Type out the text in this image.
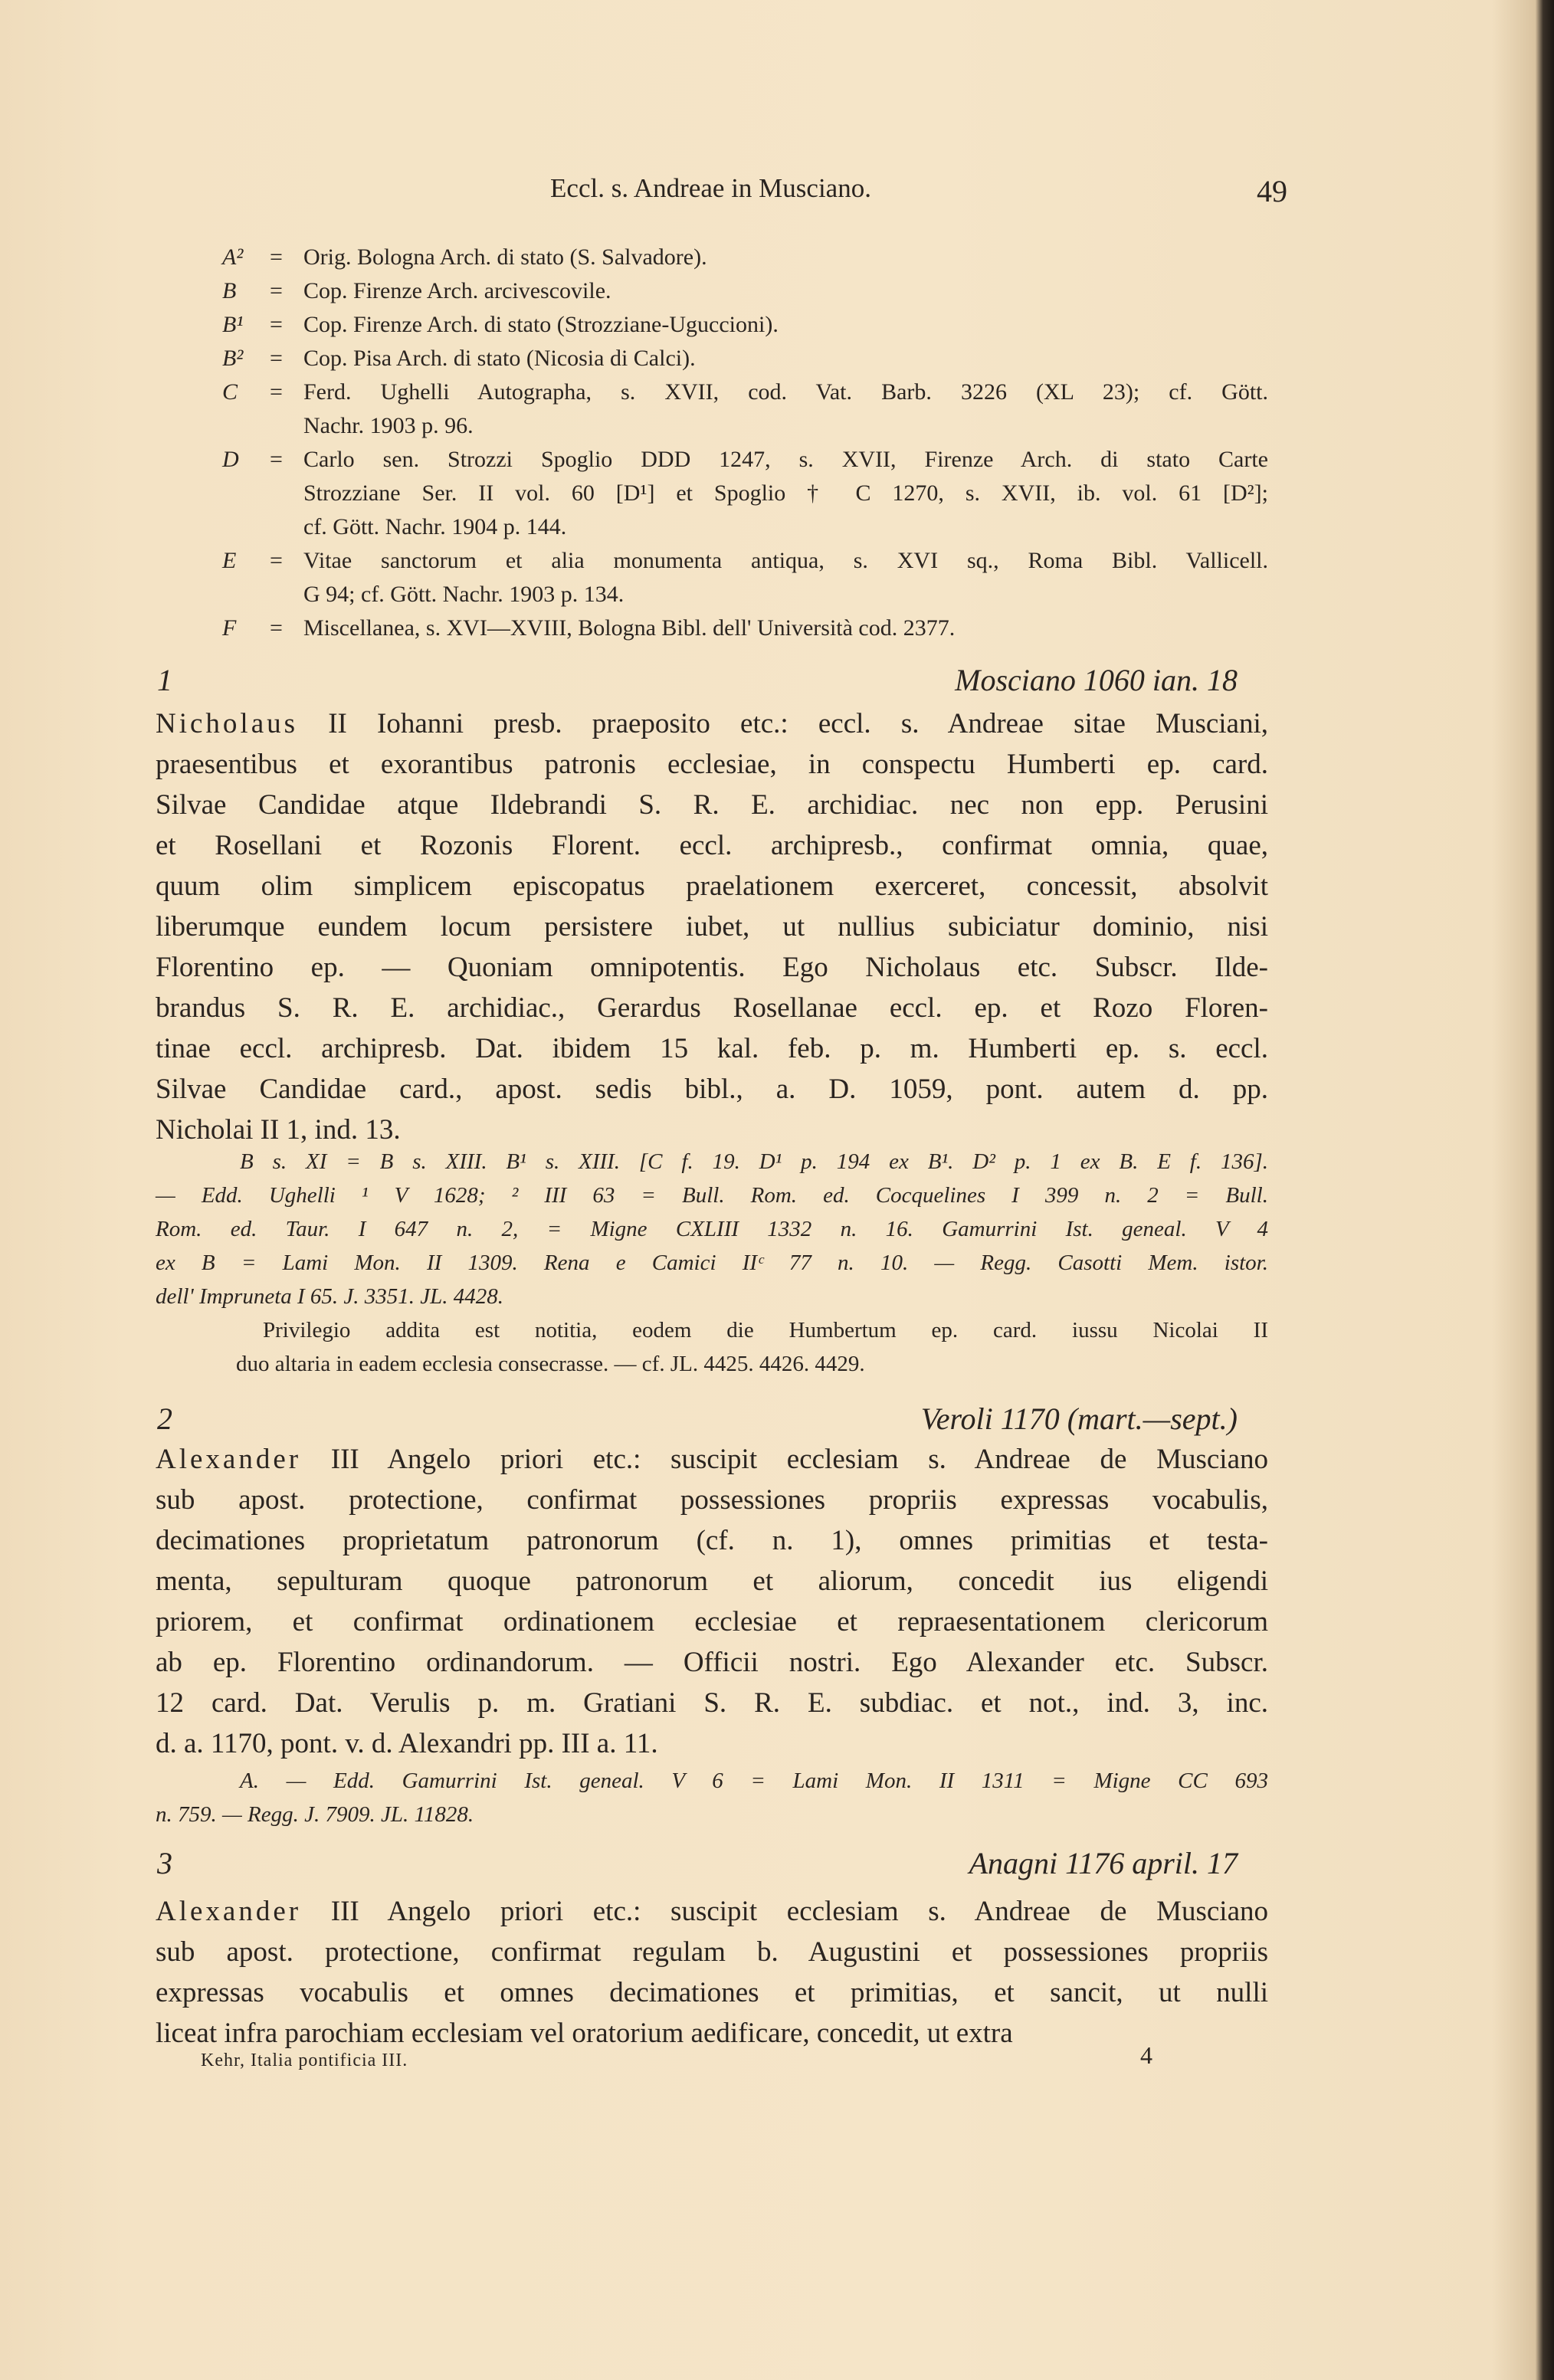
Eccl. s. Andreae in Musciano.	49
A²	= Orig. Bologna Arch. di stato (S. Salvadore).
B	= Cop. Firenze Arch. arcivescovile.
B¹	= Cop. Firenze Arch. di stato (Strozziane-Uguccioni).
B²	= Cop. Pisa Arch. di stato (Nicosia di Calci).
C	= Ferd. Ughelli Autographa, s. XVII, cod. Vat. Barb. 3226 (XL 23); cf. Gött.
Nachr. 1903 p. 96.
D	= Carlo sen. Strozzi Spoglio DDD 1247, s. XVII, Firenze Arch. di stato Carte
Strozziane Ser. II vol. 60 [D¹] et Spoglio † C 1270, s. XVII, ib. vol. 61 [D²];
cf. Gött. Nachr. 1904 p. 144.
E	= Vitae sanctorum et alia monumenta antiqua, s. XVI sq., Roma Bibl. Vallicell.
G 94; cf. Gött. Nachr. 1903 p. 134.
F	= Miscellanea, s. XVI—XVIII, Bologna Bibl. dell' Università cod. 2377.
1	Mosciano 1060 ian. 18
Nicholaus II Iohanni presb. praeposito etc.: eccl. s. Andreae sitae Musciani,
praesentibus et exorantibus patronis ecclesiae, in conspectu Humberti ep. card.
Silvae Candidae atque Ildebrandi S. R. E. archidiac. nec non epp. Perusini
et Rosellani et Rozonis Florent. eccl. archipresb., confirmat omnia, quae,
quum olim simplicem episcopatus praelationem exerceret, concessit, absolvit
liberumque eundem locum persistere iubet, ut nullius subiciatur dominio, nisi
Florentino ep. — Quoniam omnipotentis. Ego Nicholaus etc. Subscr. Ilde-
brandus S. R. E. archidiac., Gerardus Rosellanae eccl. ep. et Rozo Floren-
tinae eccl. archipresb. Dat. ibidem 15 kal. feb. p. m. Humberti ep. s. eccl.
Silvae Candidae card., apost. sedis bibl., a. D. 1059, pont. autem d. pp.
Nicholai II 1, ind. 13.
B s. XI = B s. XIII. B¹ s. XIII. [C f. 19. D¹ p. 194 ex B¹. D² p. 1 ex B. E f. 136].
— Edd. Ughelli ¹ V 1628; ² III 63 = Bull. Rom. ed. Cocquelines I 399 n. 2 = Bull.
Rom. ed. Taur. I 647 n. 2, = Migne CXLIII 1332 n. 16. Gamurrini Ist. geneal. V 4
ex B = Lami Mon. II 1309. Rena e Camici IIᶜ 77 n. 10. — Regg. Casotti Mem. istor.
dell' Impruneta I 65. J. 3351. JL. 4428.
Privilegio addita est notitia, eodem die Humbertum ep. card. iussu Nicolai II
duo altaria in eadem ecclesia consecrasse. — cf. JL. 4425. 4426. 4429.
2	Veroli 1170 (mart.—sept.)
Alexander III Angelo priori etc.: suscipit ecclesiam s. Andreae de Musciano
sub apost. protectione, confirmat possessiones propriis expressas vocabulis,
decimationes proprietatum patronorum (cf. n. 1), omnes primitias et testa-
menta, sepulturam quoque patronorum et aliorum, concedit ius eligendi
priorem, et confirmat ordinationem ecclesiae et repraesentationem clericorum
ab ep. Florentino ordinandorum. — Officii nostri. Ego Alexander etc. Subscr.
12 card. Dat. Verulis p. m. Gratiani S. R. E. subdiac. et not., ind. 3, inc.
d. a. 1170, pont. v. d. Alexandri pp. III a. 11.
A. — Edd. Gamurrini Ist. geneal. V 6 = Lami Mon. II 1311 = Migne CC 693
n. 759. — Regg. J. 7909. JL. 11828.
3	Anagni 1176 april. 17
Alexander III Angelo priori etc.: suscipit ecclesiam s. Andreae de Musciano
sub apost. protectione, confirmat regulam b. Augustini et possessiones propriis
expressas vocabulis et omnes decimationes et primitias, et sancit, ut nulli
liceat infra parochiam ecclesiam vel oratorium aedificare, concedit, ut extra
Kehr, Italia pontificia III.	4
